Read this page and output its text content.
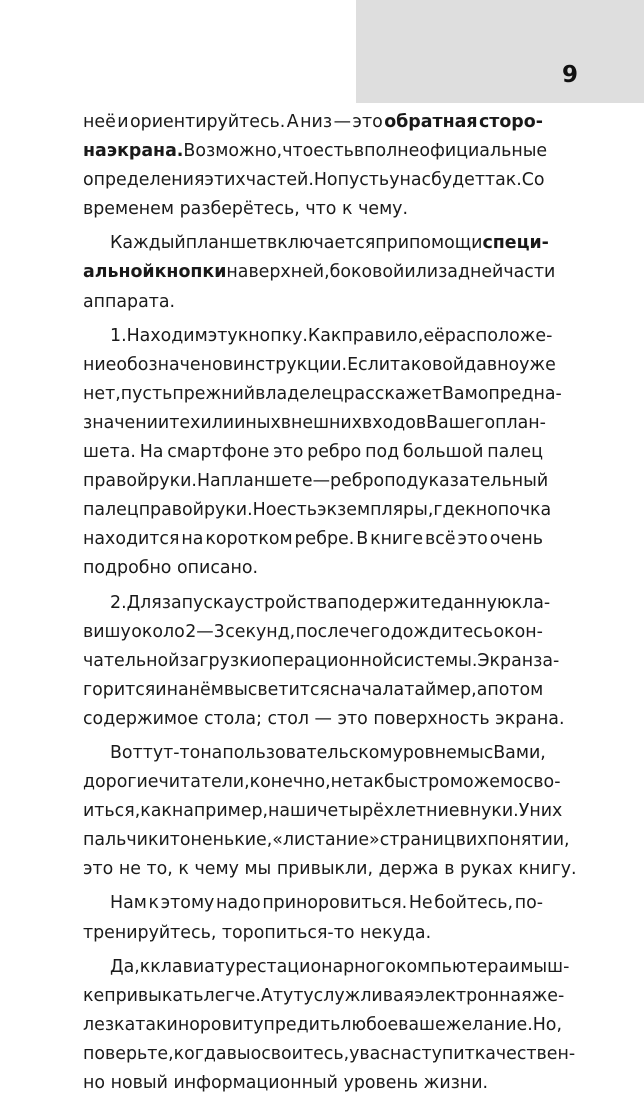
9
неё и ориентируйтесь. А низ — это обратная сторо-
на экрана. Возможно, что есть вполне официальные
определения этих частей. Но пусть у нас будет так. Со
временем разберётесь, что к чему.
Каждый планшет включается при помощи специ-
альной кнопки на верхней, боковой или задней части
аппарата.
1. Находим эту кнопку. Как правило, её расположе-
ние обозначено в инструкции. Если таковой давно уже
нет, пусть прежний владелец расскажет Вам о предна-
значении тех или иных внешних входов Вашего план-
шета. На смартфоне это ребро под большой палец
правой руки. На планшете — ребро под указательный
палец правой руки. Но есть экземпляры, где кнопочка
находится на коротком ребре. В книге всё это очень
подробно описано.
2. Для запуска устройства подержите данную кла-
вишу около 2—3 секунд, после чего дождитесь окон-
чательной загрузки операционной системы. Экран за-
горится и на нём высветится сначала таймер, а потом
содержимое стола; стол — это поверхность экрана.
Вот тут-то на пользовательском уровне мы с Вами,
дорогие читатели, конечно, не так быстро можем осво-
иться, как например, наши четырёхлетние внуки. У них
пальчики тоненькие, «листание» страниц в их понятии,
это не то, к чему мы привыкли, держа в руках книгу.
Нам к этому надо приноровиться. Не бойтесь, по-
тренируйтесь, торопиться-то некуда.
Да, к клавиатуре стационарного компьютера и мыш-
ке привыкать легче. А тут услужливая электронная же-
лезка так и норовит упредить любое ваше желание. Но,
поверьте, когда вы освоитесь, у вас наступит качествен-
но новый информационный уровень жизни.
